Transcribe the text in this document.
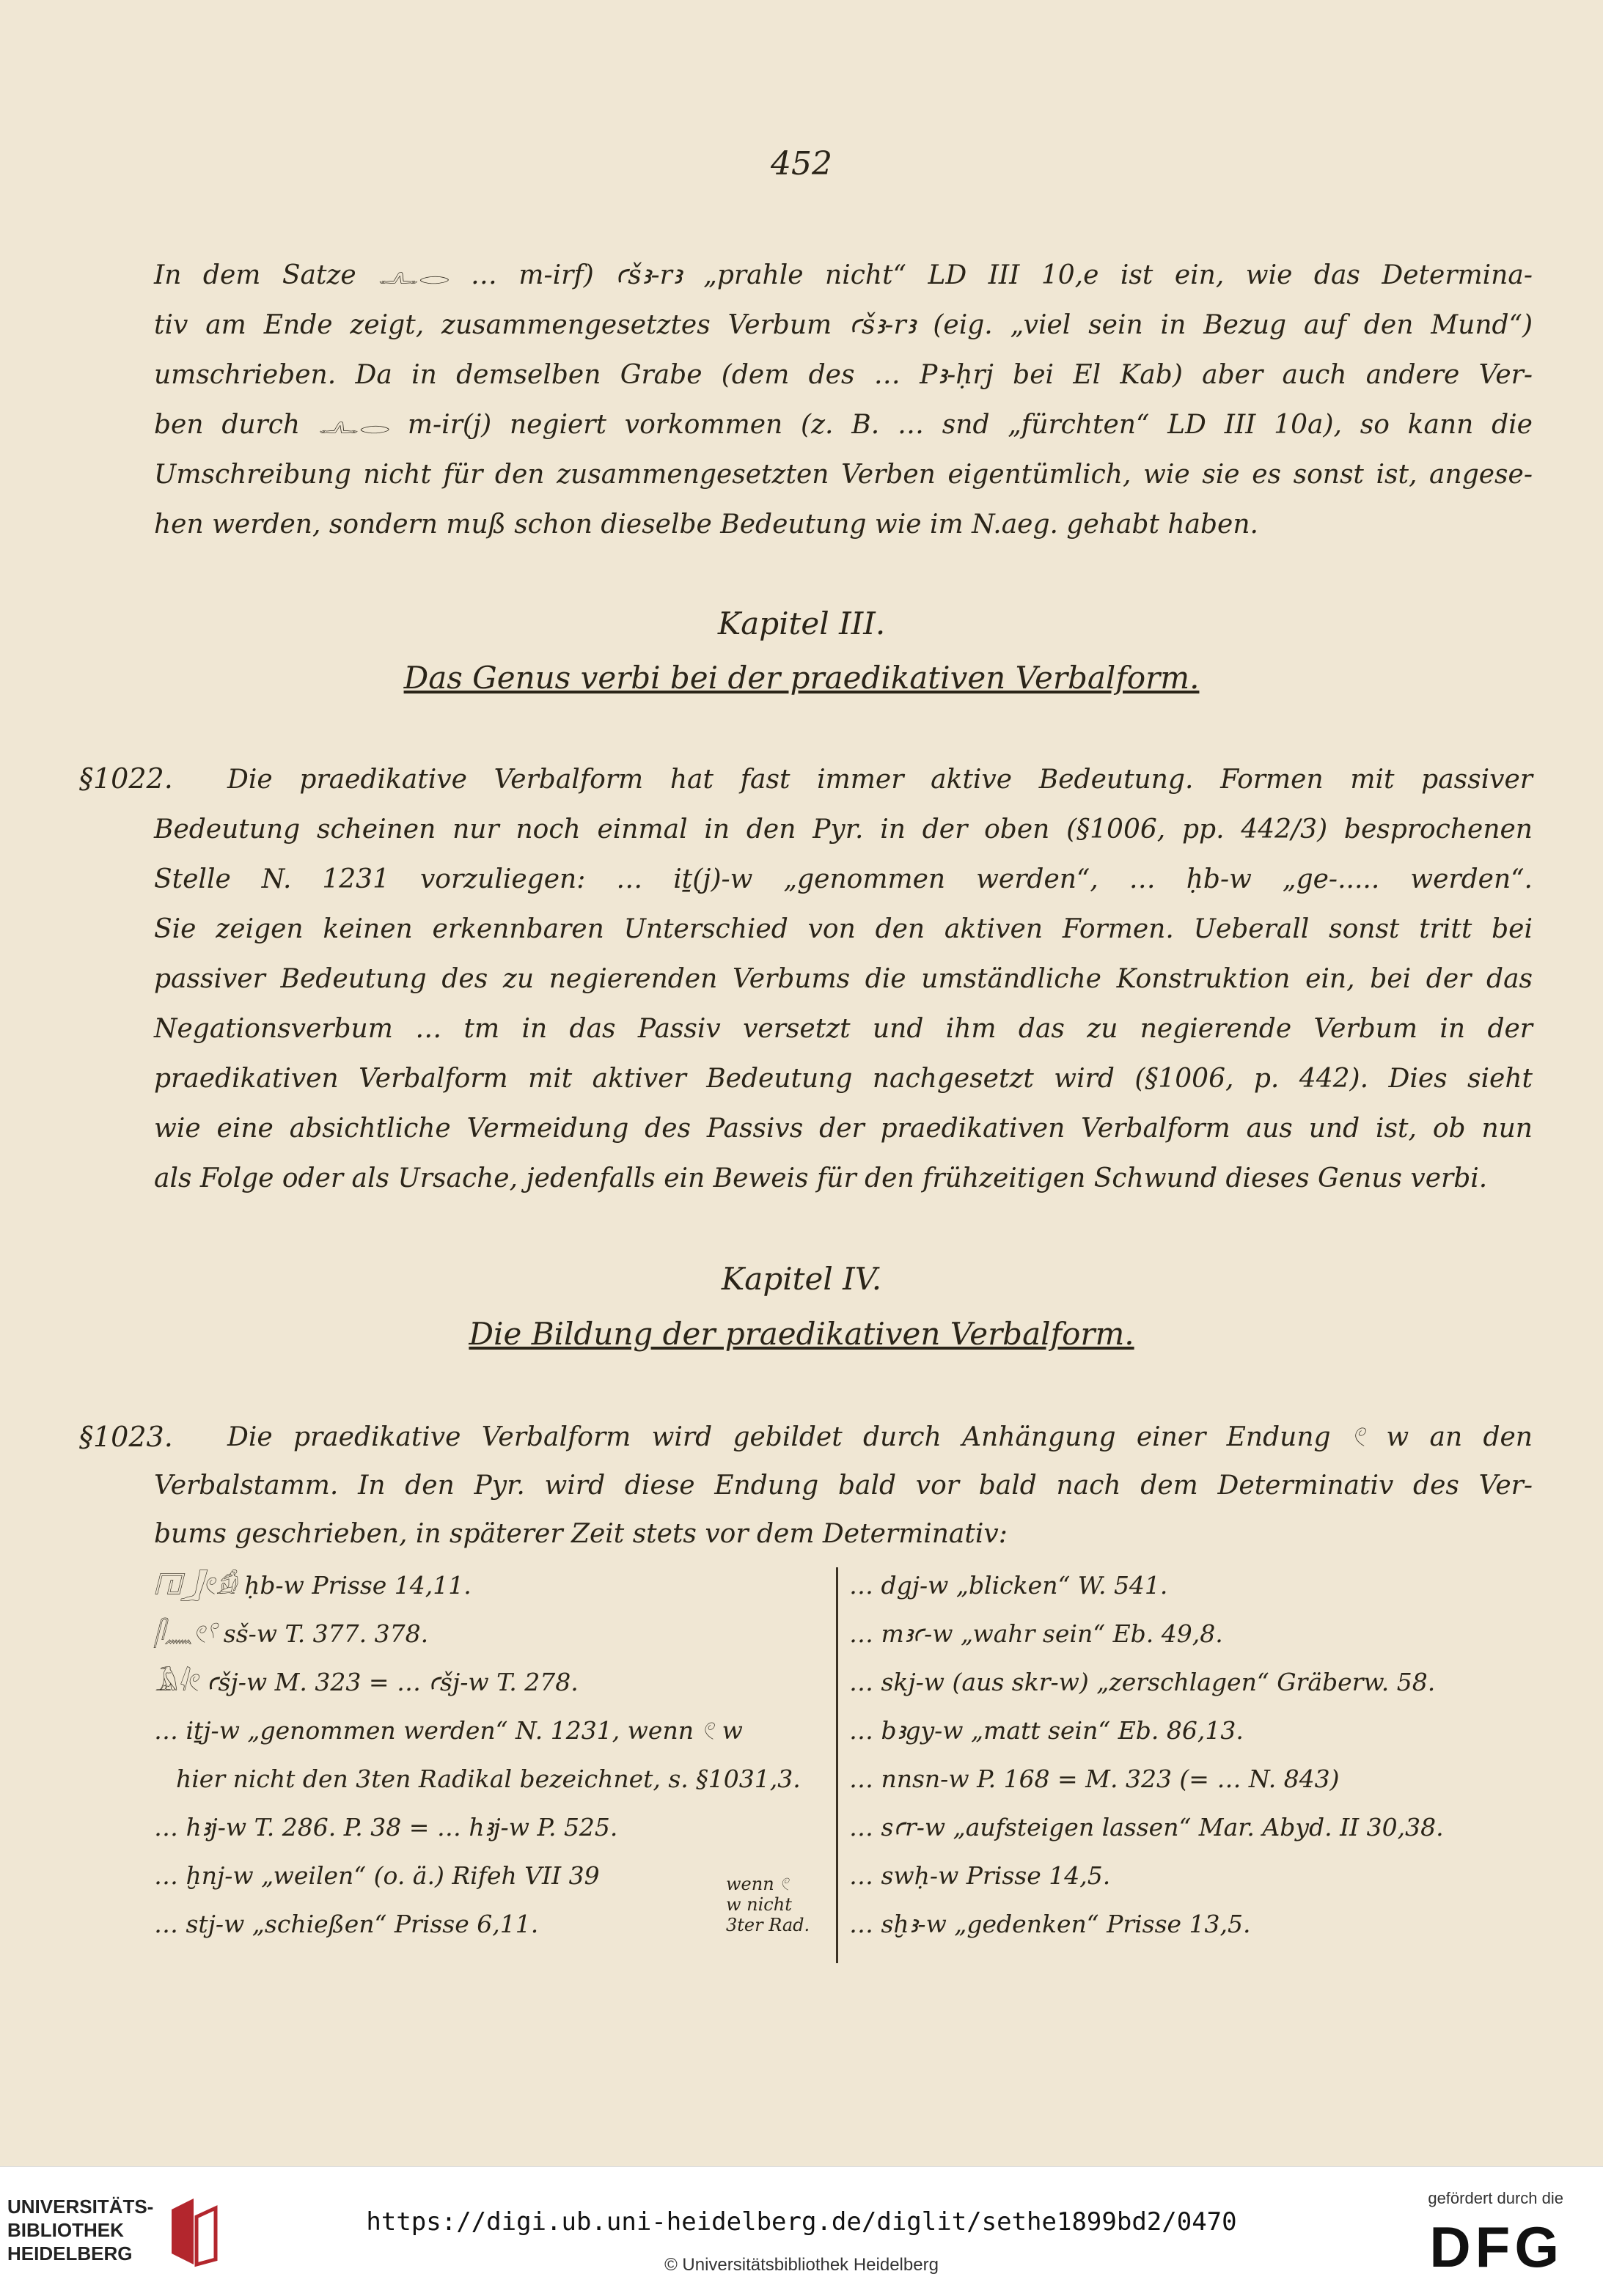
452
In dem Satze 𓂜𓂋 … m-irf) ꜥšꜣ-rꜣ „prahle nicht“ LD III 10,e ist ein, wie das Determina-
tiv am Ende zeigt, zusammengesetztes Verbum ꜥšꜣ-rꜣ (eig. „viel sein in Bezug auf den Mund“)
umschrieben. Da in demselben Grabe (dem des … Pꜣ-ḥrj bei El Kab) aber auch andere Ver-
ben durch 𓂜𓂋 m-ir(j) negiert vorkommen (z. B. … snd „fürchten“ LD III 10a), so kann die
Umschreibung nicht für den zusammengesetzten Verben eigentümlich, wie sie es sonst ist, angese-
hen werden, sondern muß schon dieselbe Bedeutung wie im N.aeg. gehabt haben.
Kapitel III.
Das Genus verbi bei der praedikativen Verbalform.
§1022.	Die praedikative Verbalform hat fast immer aktive Bedeutung. Formen mit passiver
Bedeutung scheinen nur noch einmal in den Pyr. in der oben (§1006, pp. 442/3) besprochenen
Stelle N. 1231 vorzuliegen: … iṯ(j)-w „genommen werden“, … ḥb-w „ge-..... werden“.
Sie zeigen keinen erkennbaren Unterschied von den aktiven Formen. Ueberall sonst tritt bei
passiver Bedeutung des zu negierenden Verbums die umständliche Konstruktion ein, bei der das
Negationsverbum … tm in das Passiv versetzt und ihm das zu negierende Verbum in der
praedikativen Verbalform mit aktiver Bedeutung nachgesetzt wird (§1006, p. 442). Dies sieht
wie eine absichtliche Vermeidung des Passivs der praedikativen Verbalform aus und ist, ob nun
als Folge oder als Ursache, jedenfalls ein Beweis für den frühzeitigen Schwund dieses Genus verbi.
Kapitel IV.
Die Bildung der praedikativen Verbalform.
§1023.	Die praedikative Verbalform wird gebildet durch Anhängung einer Endung 𓏲 w an den
Verbalstamm. In den Pyr. wird diese Endung bald vor bald nach dem Determinativ des Ver-
bums geschrieben, in späterer Zeit stets vor dem Determinativ:
𓉔𓃀𓏲𓀁 ḥb-w Prisse 14,11.
𓋴𓈖𓏲𓍢 sš-w T. 377. 378.
𓄿𓇋𓏲 ꜥšj-w M. 323 = … ꜥšj-w T. 278.
… iṯj-w „genommen werden“ N. 1231, wenn 𓏲 w
hier nicht den 3ten Radikal bezeichnet, s. §1031,3.
… hꜣj-w T. 286. P. 38 = … hꜣj-w P. 525.
… ḫnj-w „weilen“ (o. ä.) Rifeh VII 39
… stj-w „schießen“ Prisse 6,11.
wenn 𓏲
w nicht
3ter Rad.
… dgj-w „blicken“ W. 541.
… mꜣꜥ-w „wahr sein“ Eb. 49,8.
… skj-w (aus skr-w) „zerschlagen“ Gräberw. 58.
… bꜣgy-w „matt sein“ Eb. 86,13.
… nnsn-w P. 168 = M. 323 (= … N. 843)
… sꜥr-w „aufsteigen lassen“ Mar. Abyd. II 30,38.
… swḥ-w Prisse 14,5.
… sḫꜣ-w „gedenken“ Prisse 13,5.
UNIVERSITÄTS-
BIBLIOTHEK
HEIDELBERG
https://digi.ub.uni-heidelberg.de/diglit/sethe1899bd2/0470
© Universitätsbibliothek Heidelberg
gefördert durch die
DFG
